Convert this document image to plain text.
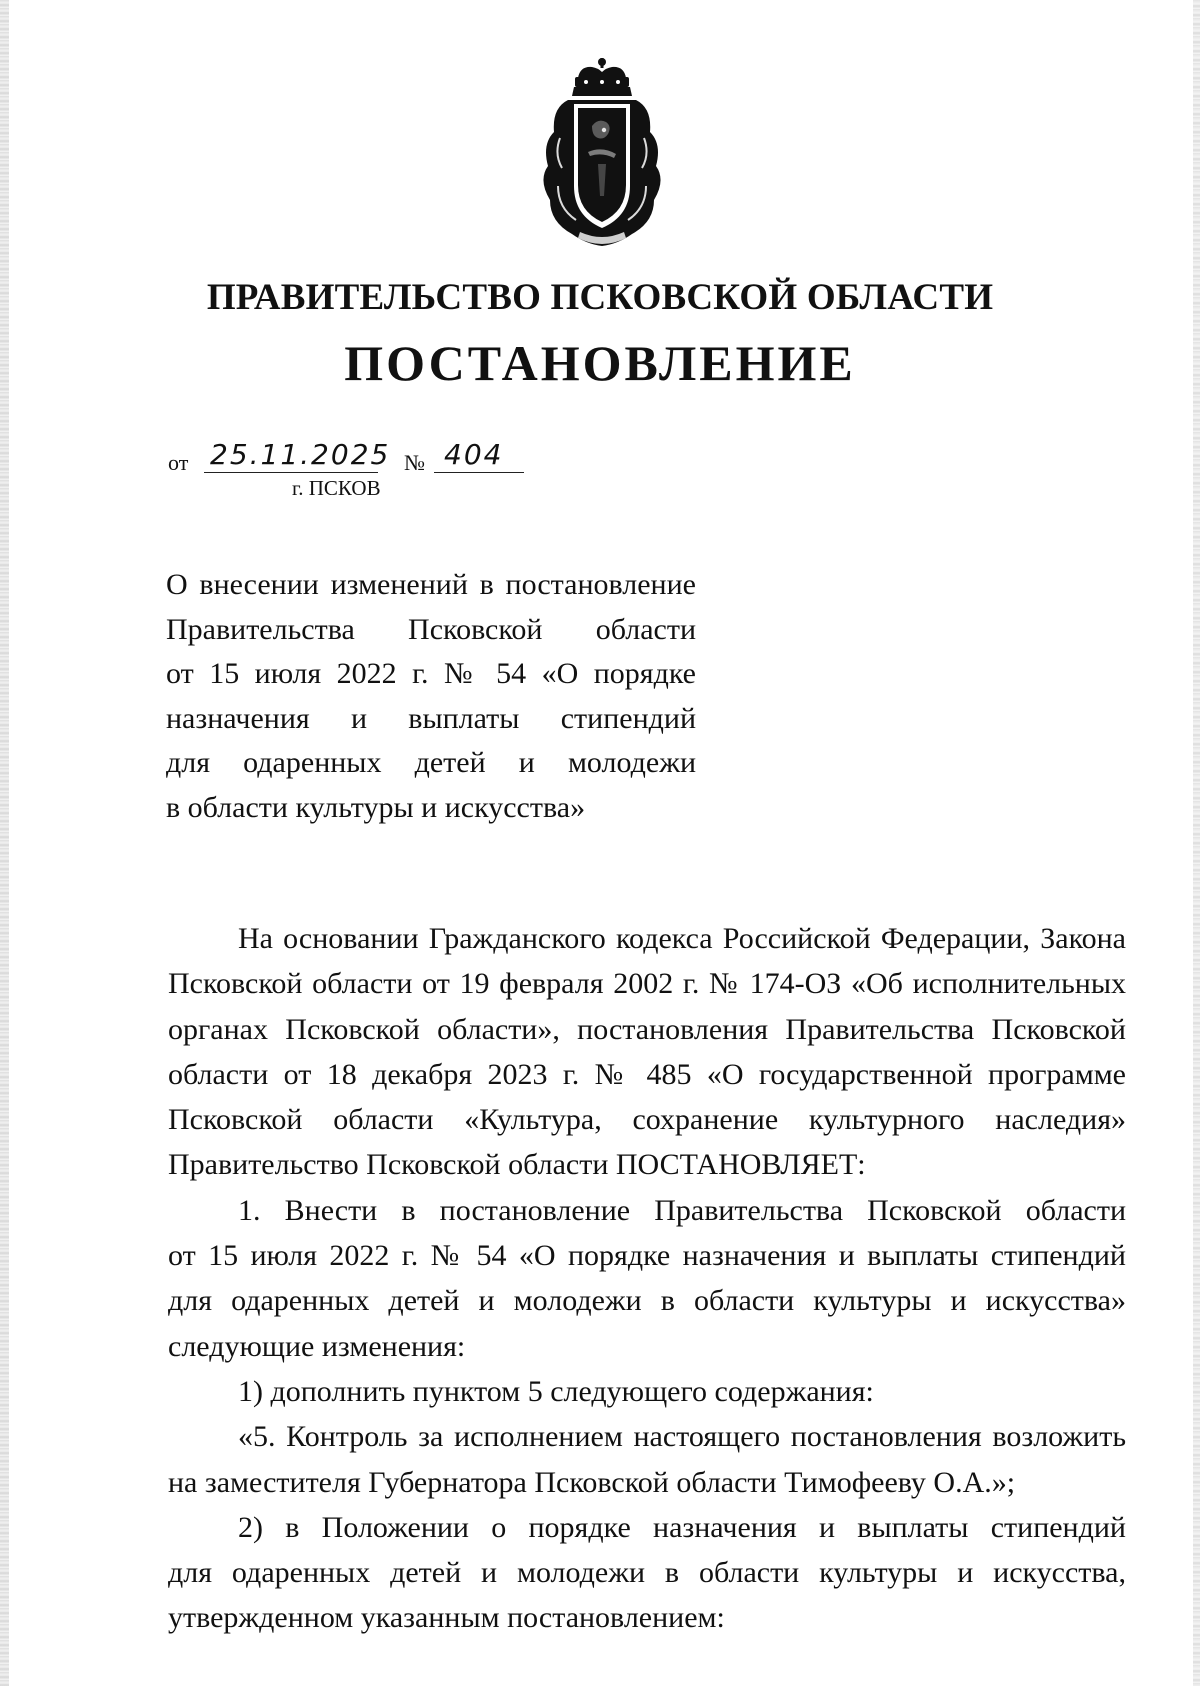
ПРАВИТЕЛЬСТВО ПСКОВСКОЙ ОБЛАСТИ
ПОСТАНОВЛЕНИЕ
от 25.11.2025 № 404
г. ПСКОВ
О внесении изменений в постановление
Правительства Псковской области
от 15 июля 2022 г. № 54 «О порядке
назначения и выплаты стипендий
для одаренных детей и молодежи
в области культуры и искусства»
На основании Гражданского кодекса Российской Федерации, Закона
Псковской области от 19 февраля 2002 г. № 174-ОЗ «Об исполнительных
органах Псковской области», постановления Правительства Псковской
области от 18 декабря 2023 г. № 485 «О государственной программе
Псковской области «Культура, сохранение культурного наследия»
Правительство Псковской области ПОСТАНОВЛЯЕТ:
1. Внести в постановление Правительства Псковской области
от 15 июля 2022 г. № 54 «О порядке назначения и выплаты стипендий
для одаренных детей и молодежи в области культуры и искусства»
следующие изменения:
1) дополнить пунктом 5 следующего содержания:
«5. Контроль за исполнением настоящего постановления возложить
на заместителя Губернатора Псковской области Тимофееву О.А.»;
2) в Положении о порядке назначения и выплаты стипендий
для одаренных детей и молодежи в области культуры и искусства,
утвержденном указанным постановлением:
